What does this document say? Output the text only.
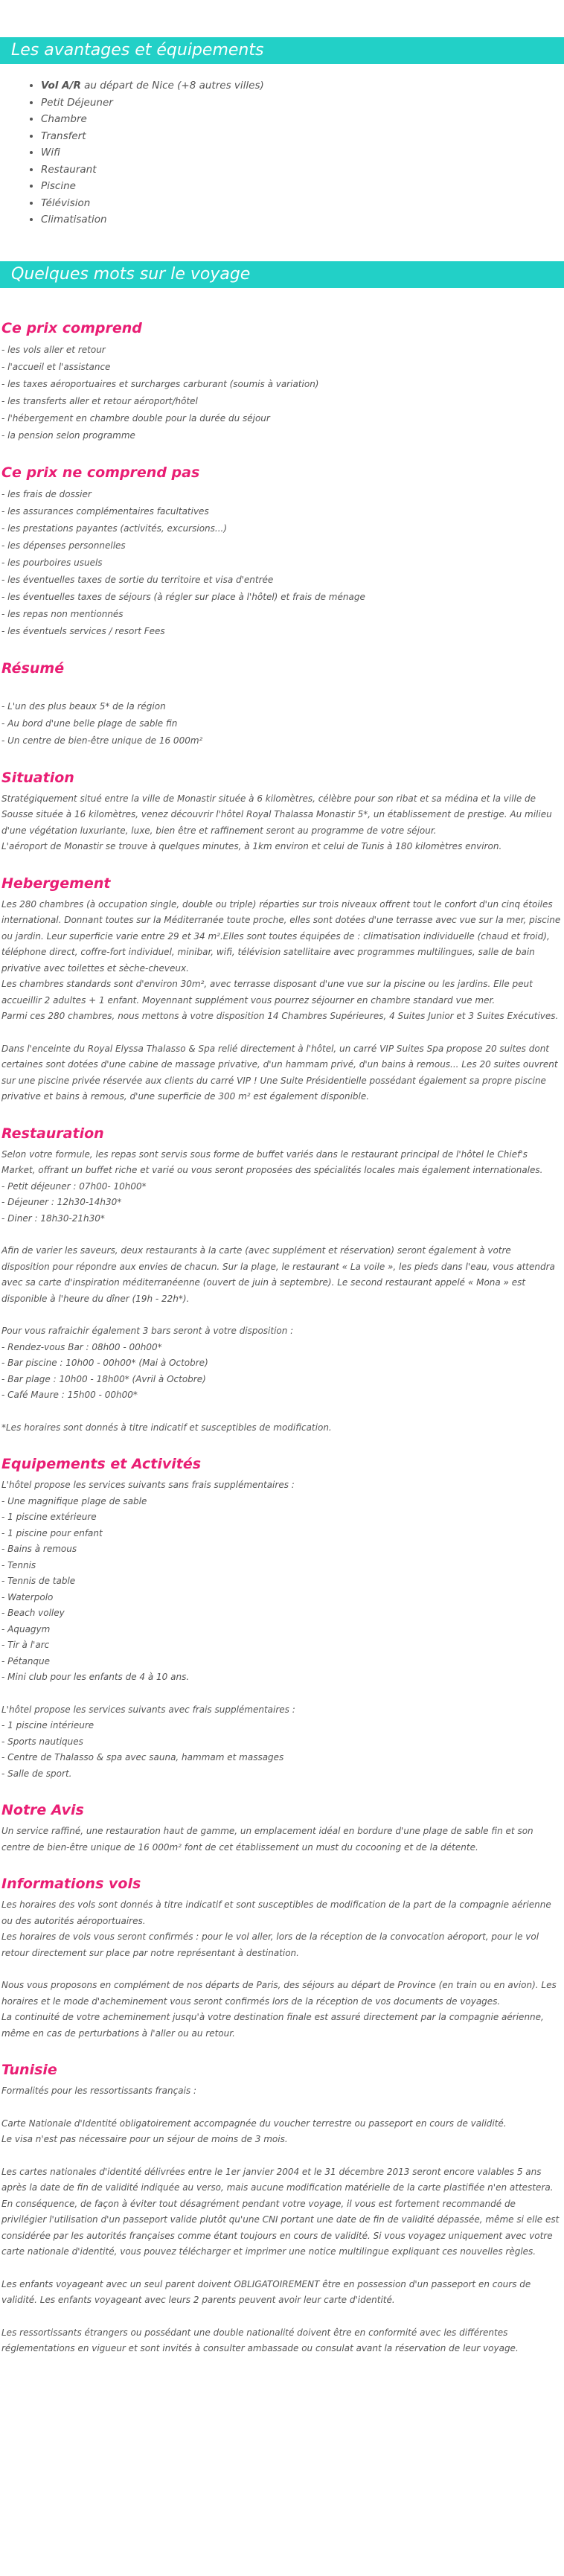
Les avantages et équipements
• Vol A/R au départ de Nice (+8 autres villes)
• Petit Déjeuner
• Chambre
• Transfert
• Wifi
• Restaurant
• Piscine
• Télévision
• Climatisation
Quelques mots sur le voyage
Ce prix comprend

- les vols aller et retour

- l'accueil et l'assistance

- les taxes aéroportuaires et surcharges carburant (soumis à variation)

- les transferts aller et retour aéroport/hôtel

- l'hébergement en chambre double pour la durée du séjour

- la pension selon programme

Ce prix ne comprend pas

- les frais de dossier

- les assurances complémentaires facultatives

- les prestations payantes (activités, excursions...)

- les dépenses personnelles

- les pourboires usuels

- les éventuelles taxes de sortie du territoire et visa d'entrée

- les éventuelles taxes de séjours (à régler sur place à l'hôtel) et frais de ménage

- les repas non mentionnés

- les éventuels services / resort Fees

Résumé

- L'un des plus beaux 5* de la région

- Au bord d'une belle plage de sable fin

- Un centre de bien-être unique de 16 000m²

Situation

Stratégiquement situé entre la ville de Monastir située à 6 kilomètres, célèbre pour son ribat et sa médina et la ville de Sousse située à 16 kilomètres, venez découvrir l'hôtel Royal Thalassa Monastir 5*, un établissement de prestige. Au milieu d'une végétation luxuriante, luxe, bien être et raffinement seront au programme de votre séjour.

L'aéroport de Monastir se trouve à quelques minutes, à 1km environ et celui de Tunis à 180 kilomètres environ.

Hebergement

Les 280 chambres (à occupation single, double ou triple) réparties sur trois niveaux offrent tout le confort d'un cinq étoiles international. Donnant toutes sur la Méditerranée toute proche, elles sont dotées d'une terrasse avec vue sur la mer, piscine ou jardin. Leur superficie varie entre 29 et 34 m².Elles sont toutes équipées de : climatisation individuelle (chaud et froid), téléphone direct, coffre-fort individuel, minibar, wifi, télévision satellitaire avec programmes multilingues, salle de bain privative avec toilettes et sèche-cheveux.

Les chambres standards sont d'environ 30m², avec terrasse disposant d'une vue sur la piscine ou les jardins. Elle peut accueillir 2 adultes + 1 enfant. Moyennant supplément vous pourrez séjourner en chambre standard vue mer.

Parmi ces 280 chambres, nous mettons à votre disposition 14 Chambres Supérieures, 4 Suites Junior et 3 Suites Exécutives.

Dans l'enceinte du Royal Elyssa Thalasso & Spa relié directement à l'hôtel, un carré VIP Suites Spa propose 20 suites dont certaines sont dotées d'une cabine de massage privative, d'un hammam privé, d'un bains à remous... Les 20 suites ouvrent sur une piscine privée réservée aux clients du carré VIP ! Une Suite Présidentielle possédant également sa propre piscine privative et bains à remous, d'une superficie de 300 m² est également disponible.

Restauration

Selon votre formule, les repas sont servis sous forme de buffet variés dans le restaurant principal de l'hôtel le Chief's Market, offrant un buffet riche et varié ou vous seront proposées des spécialités locales mais également internationales.

- Petit déjeuner : 07h00- 10h00*

- Déjeuner : 12h30-14h30*

- Diner : 18h30-21h30*

Afin de varier les saveurs, deux restaurants à la carte (avec supplément et réservation) seront également à votre disposition pour répondre aux envies de chacun. Sur la plage, le restaurant « La voile », les pieds dans l'eau, vous attendra avec sa carte d'inspiration méditerranéenne (ouvert de juin à septembre). Le second restaurant appelé « Mona » est disponible à l'heure du dîner (19h - 22h*).

Pour vous rafraichir également 3 bars seront à votre disposition :

- Rendez-vous Bar : 08h00 - 00h00*

- Bar piscine : 10h00 - 00h00* (Mai à Octobre)

- Bar plage : 10h00 - 18h00* (Avril à Octobre)

- Café Maure : 15h00 - 00h00*

*Les horaires sont donnés à titre indicatif et susceptibles de modification.

Equipements et Activités

L'hôtel propose les services suivants sans frais supplémentaires :

- Une magnifique plage de sable

- 1 piscine extérieure

- 1 piscine pour enfant

- Bains à remous

- Tennis

- Tennis de table

- Waterpolo

- Beach volley

- Aquagym

- Tir à l'arc

- Pétanque

- Mini club pour les enfants de 4 à 10 ans.

L'hôtel propose les services suivants avec frais supplémentaires :

- 1 piscine intérieure

- Sports nautiques

- Centre de Thalasso & spa avec sauna, hammam et massages

- Salle de sport.

Notre Avis

Un service raffiné, une restauration haut de gamme, un emplacement idéal en bordure d'une plage de sable fin et son centre de bien-être unique de 16 000m² font de cet établissement un must du cocooning et de la détente.

Informations vols

Les horaires des vols sont donnés à titre indicatif et sont susceptibles de modification de la part de la compagnie aérienne ou des autorités aéroportuaires.

Les horaires de vols vous seront confirmés : pour le vol aller, lors de la réception de la convocation aéroport, pour le vol retour directement sur place par notre représentant à destination.

Nous vous proposons en complément de nos départs de Paris, des séjours au départ de Province (en train ou en avion). Les horaires et le mode d'acheminement vous seront confirmés lors de la réception de vos documents de voyages.

La continuité de votre acheminement jusqu'à votre destination finale est assuré directement par la compagnie aérienne, même en cas de perturbations à l'aller ou au retour.

Tunisie

Formalités pour les ressortissants français :

Carte Nationale d'Identité obligatoirement accompagnée du voucher terrestre ou passeport en cours de validité.

Le visa n'est pas nécessaire pour un séjour de moins de 3 mois.

Les cartes nationales d'identité délivrées entre le 1er janvier 2004 et le 31 décembre 2013 seront encore valables 5 ans après la date de fin de validité indiquée au verso, mais aucune modification matérielle de la carte plastifiée n'en attestera. En conséquence, de façon à éviter tout désagrément pendant votre voyage, il vous est fortement recommandé de privilégier l'utilisation d'un passeport valide plutôt qu'une CNI portant une date de fin de validité dépassée, même si elle est considérée par les autorités françaises comme étant toujours en cours de validité. Si vous voyagez uniquement avec votre carte nationale d'identité, vous pouvez télécharger et imprimer une notice multilingue expliquant ces nouvelles règles.

Les enfants voyageant avec un seul parent doivent OBLIGATOIREMENT être en possession d'un passeport en cours de validité. Les enfants voyageant avec leurs 2 parents peuvent avoir leur carte d'identité.

Les ressortissants étrangers ou possédant une double nationalité doivent être en conformité avec les différentes réglementations en vigueur et sont invités à consulter ambassade ou consulat avant la réservation de leur voyage.
